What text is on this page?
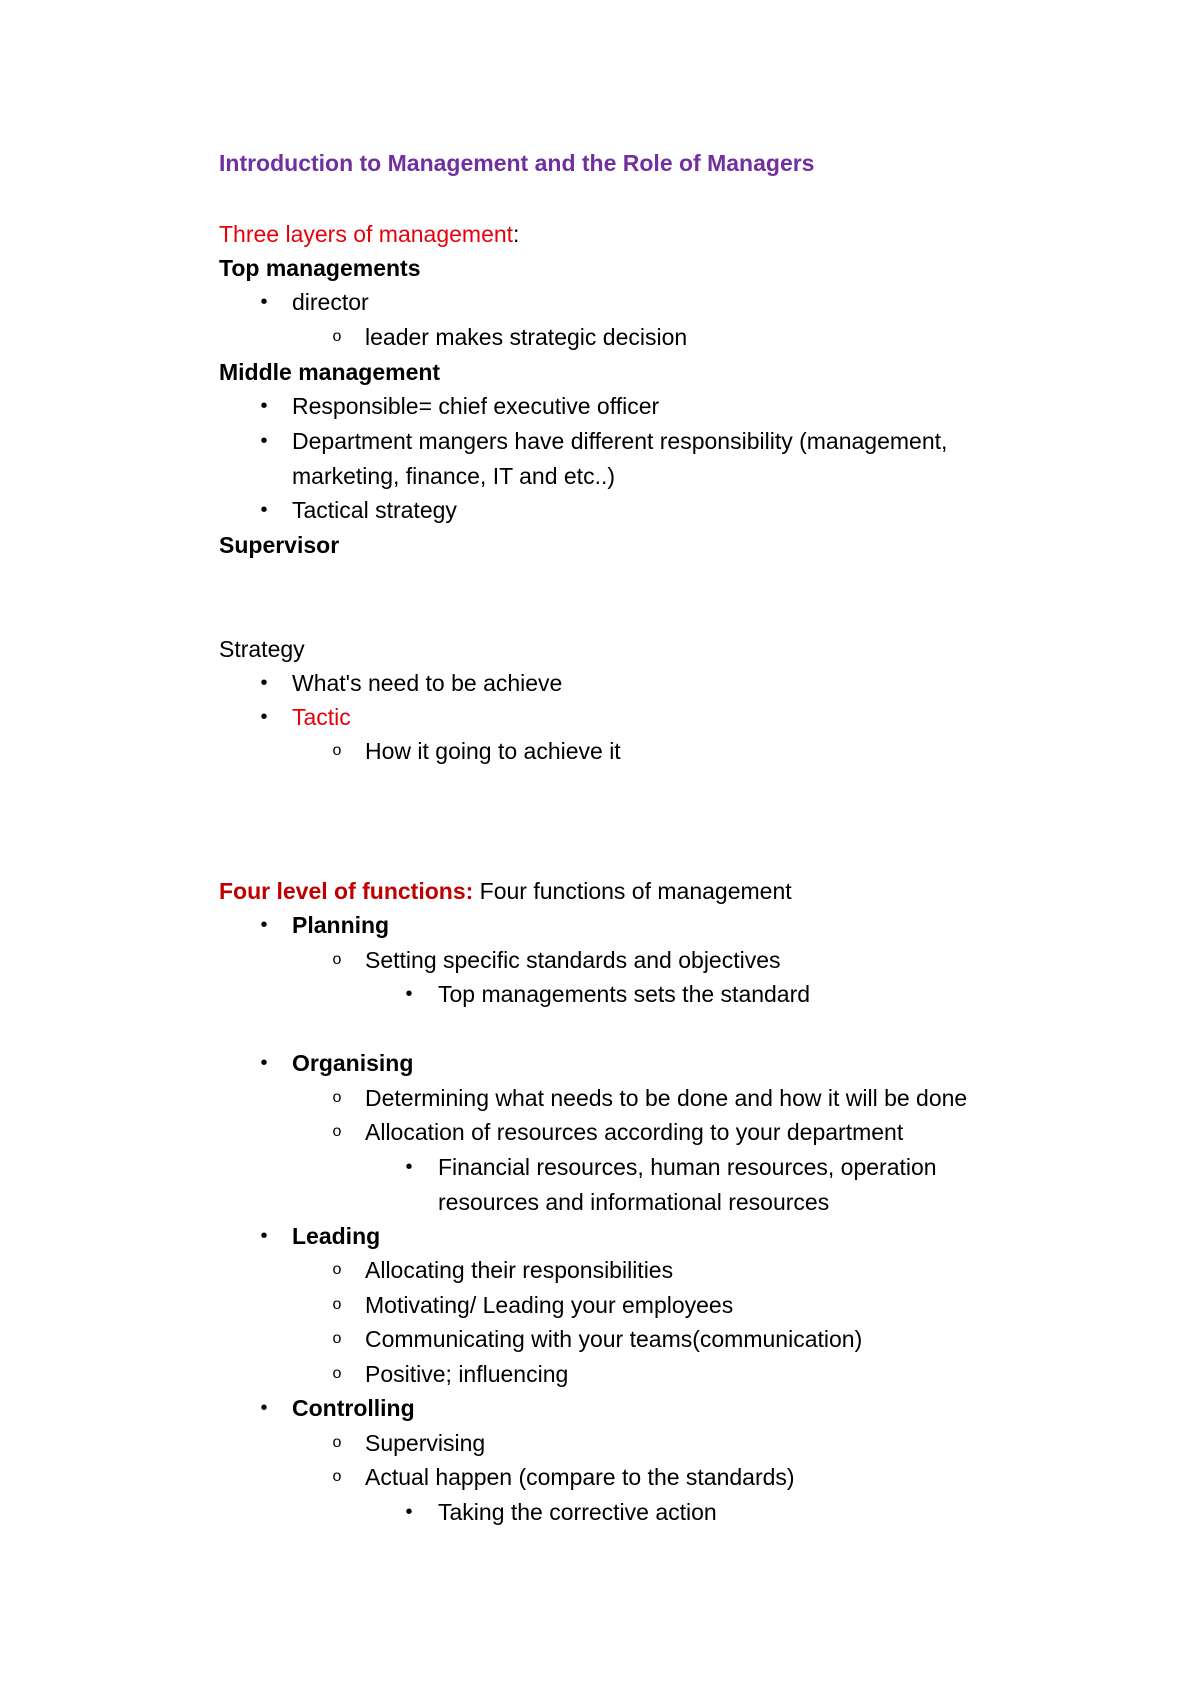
Introduction to Management and the Role of Managers
Three layers of management:
Top managements
• director
o leader makes strategic decision
Middle management
• Responsible= chief executive officer
• Department mangers have different responsibility (management,
marketing, finance, IT and etc..)
• Tactical strategy
Supervisor
Strategy
• What's need to be achieve
• Tactic
o How it going to achieve it
Four level of functions: Four functions of management
• Planning
o Setting specific standards and objectives
• Top managements sets the standard
• Organising
o Determining what needs to be done and how it will be done
o Allocation of resources according to your department
• Financial resources, human resources, operation
resources and informational resources
• Leading
o Allocating their responsibilities
o Motivating/ Leading your employees
o Communicating with your teams(communication)
o Positive; influencing
• Controlling
o Supervising
o Actual happen (compare to the standards)
• Taking the corrective action
